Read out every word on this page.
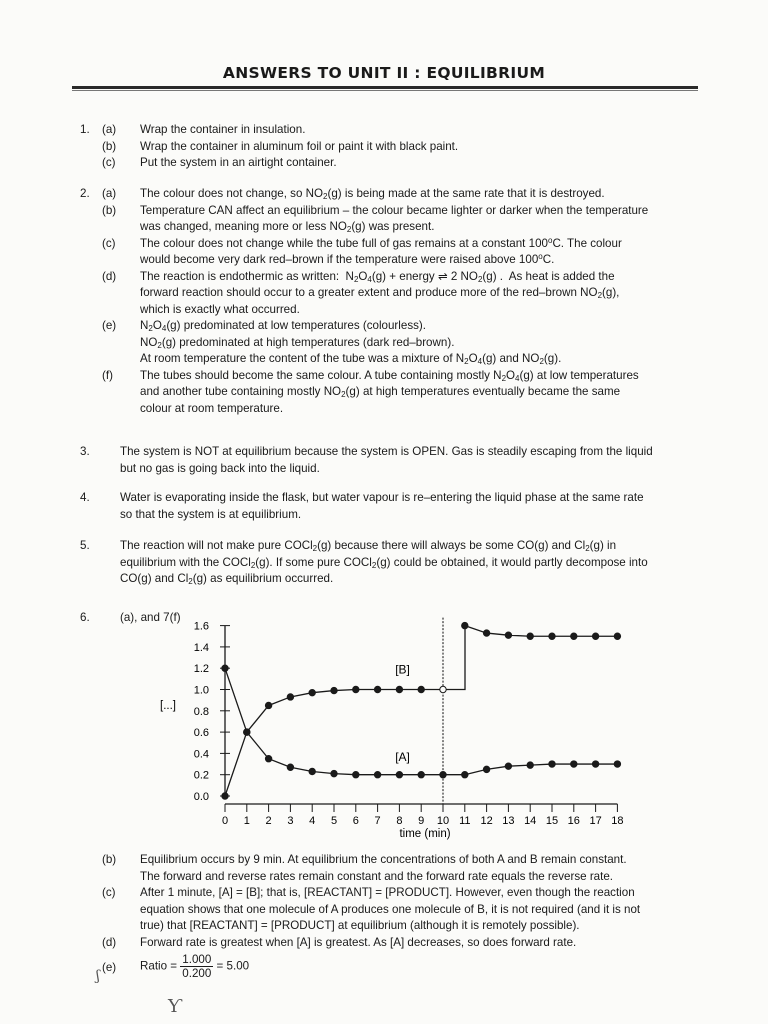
ANSWERS TO UNIT II : EQUILIBRIUM
1. (a) Wrap the container in insulation.
(b) Wrap the container in aluminum foil or paint it with black paint.
(c) Put the system in an airtight container.
2. (a) The colour does not change, so $NO_2(g)$ is being made at the same rate that it is destroyed.
(b) Temperature CAN affect an equilibrium – the colour became lighter or darker when the temperature
was changed, meaning more or less $NO_2(g)$ was present.
(c) The colour does not change while the tube full of gas remains at a constant 100$^o$C. The colour
would become very dark red–brown if the temperature were raised above 100$^o$C.
(d) The reaction is endothermic as written:  $N_2O_4(g)$ + energy ⇌ 2 $NO_2(g)$ .  As heat is added the
forward reaction should occur to a greater extent and produce more of the red–brown $NO_2(g)$,
which is exactly what occurred.
(e) $N_2O_4(g)$ predominated at low temperatures (colourless).
$NO_2(g)$ predominated at high temperatures (dark red–brown).
At room temperature the content of the tube was a mixture of $N_2O_4(g)$ and $NO_2(g)$.
(f) The tubes should become the same colour. A tube containing mostly $N_2O_4(g)$ at low temperatures
and another tube containing mostly $NO_2(g)$ at high temperatures eventually became the same
colour at room temperature.
3.	The system is NOT at equilibrium because the system is OPEN. Gas is steadily escaping from the liquid
but no gas is going back into the liquid.
4.	Water is evaporating inside the flask, but water vapour is re–entering the liquid phase at the same rate
so that the system is at equilibrium.
5.	The reaction will not make pure COCl$_2$(g) because there will always be some CO(g) and $Cl_2(g)$ in
equilibrium with the COCl$_2$(g). If some pure COCl$_2$(g) could be obtained, it would partly decompose into
CO(g) and $Cl_2(g)$ as equilibrium occurred.
6.	(a), and 7(f)
0.0
0.2
0.4
0.6
0.8
1.0
1.2
1.4
1.6
0 1 2 3 4 5 6 7 8 9 10 11 12 13 14 15 16 17 18
[B]
[A]
[...]
time (min)
(b) Equilibrium occurs by 9 min. At equilibrium the concentrations of both A and B remain constant.
The forward and reverse rates remain constant and the forward rate equals the reverse rate.
(c) After 1 minute, [A] = [B]; that is, [REACTANT] = [PRODUCT]. However, even though the reaction
equation shows that one molecule of A produces one molecule of B, it is not required (and it is not
true) that [REACTANT] = [PRODUCT] at equilibrium (although it is remotely possible).
(d) Forward rate is greatest when [A] is greatest. As [A] decreases, so does forward rate.
(e) Ratio = $\frac{1.000}{0.200} = 5.00$
ʃ
Ƴ
